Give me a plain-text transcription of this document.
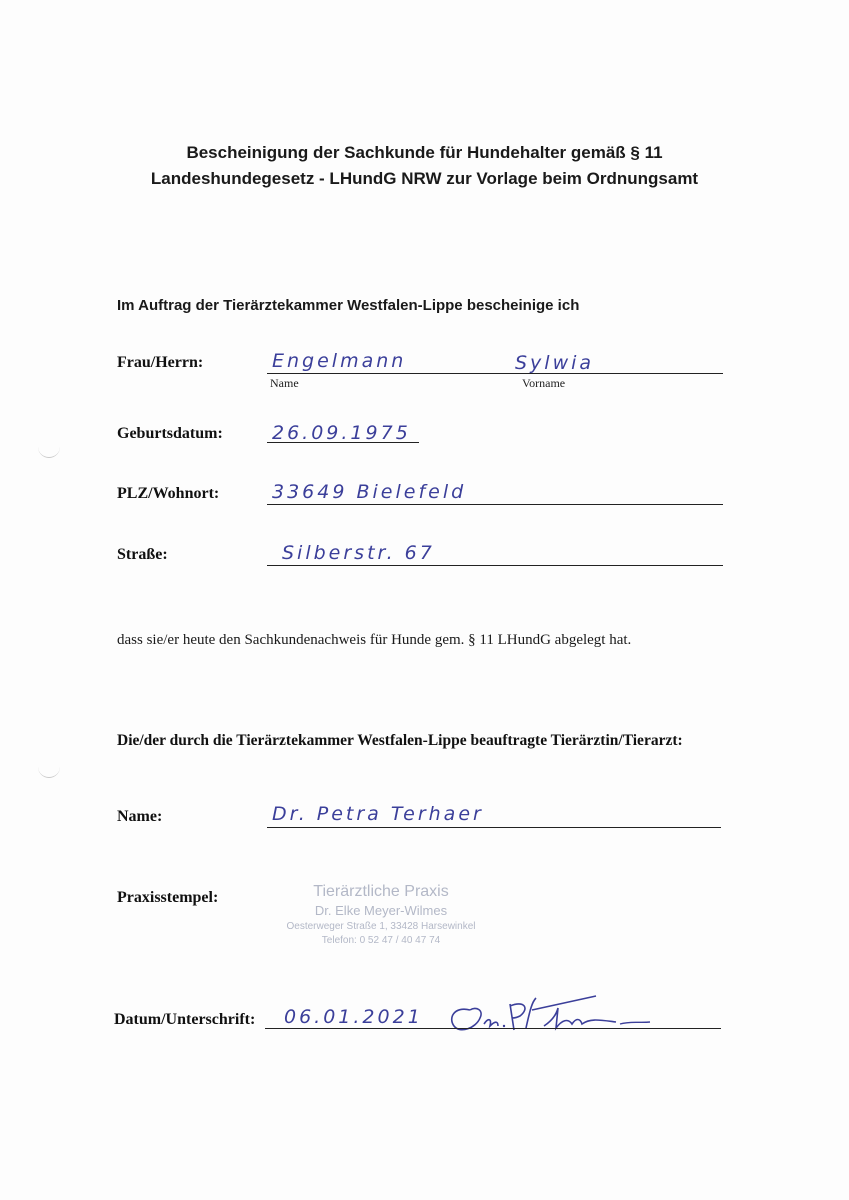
Bescheinigung der Sachkunde für Hundehalter gemäß § 11
Landeshundegesetz - LHundG NRW zur Vorlage beim Ordnungsamt
Im Auftrag der Tierärztekammer Westfalen-Lippe bescheinige ich
Frau/Herrn:	Engelmann	Sylwia
Name	Vorname
Geburtsdatum:	26.09.1975
PLZ/Wohnort:	33649 Bielefeld
Straße:	Silberstr. 67
dass sie/er heute den Sachkundenachweis für Hunde gem. § 11 LHundG abgelegt hat.
Die/der durch die Tierärztekammer Westfalen-Lippe beauftragte Tierärztin/Tierarzt:
Name:	Dr. Petra Terhaer
Praxisstempel:	Tierärztliche Praxis
Dr. Elke Meyer-Wilmes
Oesterweger Straße 1, 33428 Harsewinkel
Telefon: 0 52 47 / 40 47 74
Datum/Unterschrift: 06.01.2021
